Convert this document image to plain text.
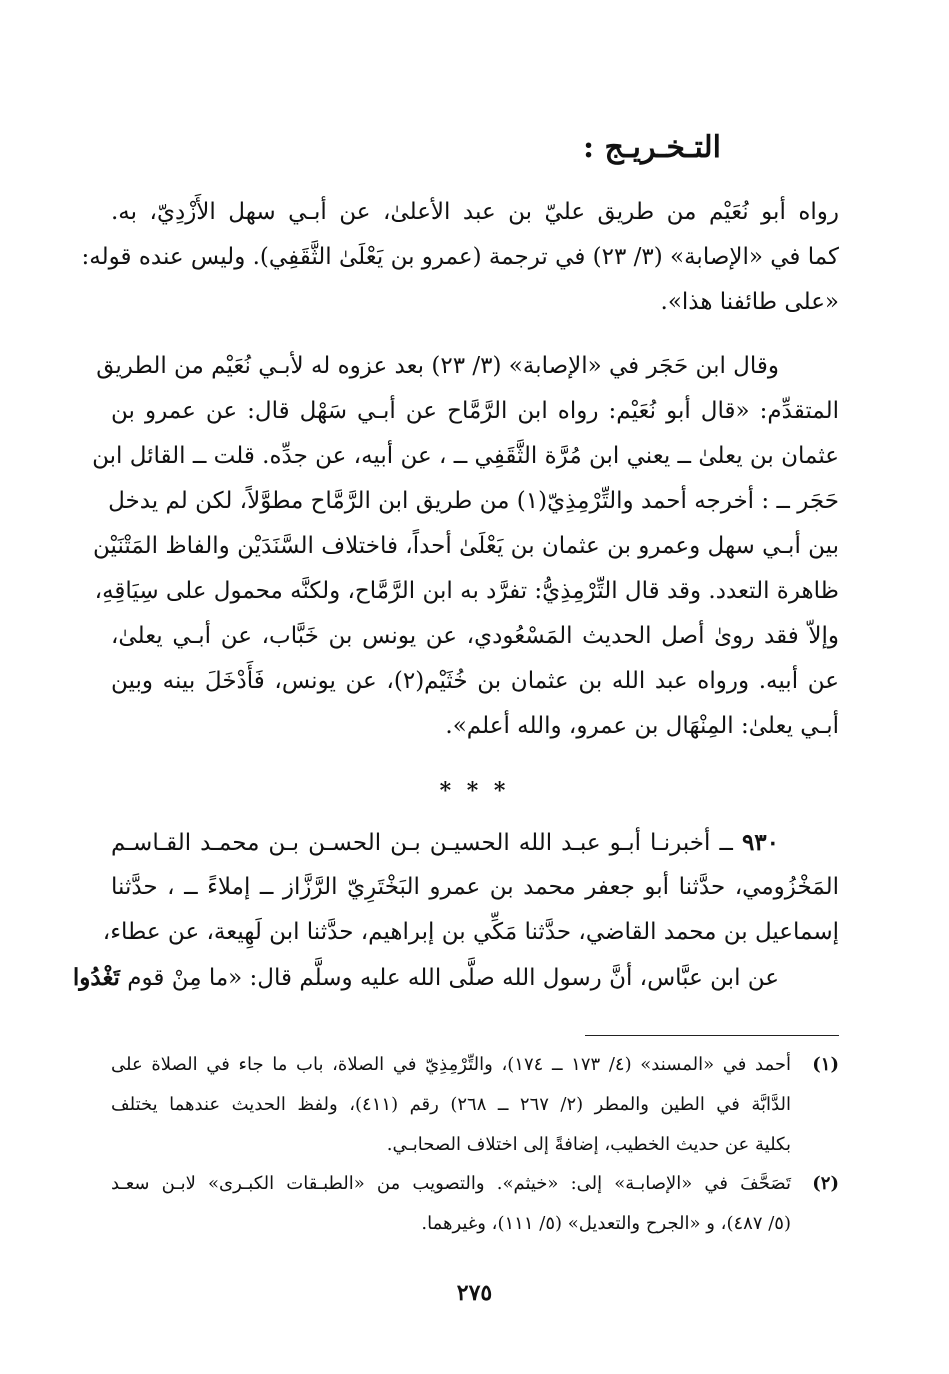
التـخـريـج :
رواه أبو نُعَيْم من طريق عليّ بن عبد الأعلىٰ، عن أبـي سهل الأَزْدِيّ، به.
كما في «الإصابة» (٣/ ٢٣) في ترجمة (عمرو بن يَعْلَىٰ الثَّقَفِي). وليس عنده قوله:
«على طائفنا هذا».
وقال ابن حَجَر في «الإصابة» (٣/ ٢٣) بعد عزوه له لأبـي نُعَيْم من الطريق
المتقدِّم: «قال أبو نُعَيْم: رواه ابن الرَّمَّاح عن أبـي سَهْل قال: عن عمرو بن
عثمان بن يعلىٰ ــ يعني ابن مُرَّة الثَّقَفِي ــ ، عن أبيه، عن جدِّه. قلت ــ القائل ابن
حَجَر ــ : أخرجه أحمد والتِّرْمِذِيّ(١) من طريق ابن الرَّمَّاح مطوَّلاً، لكن لم يدخل
بين أبـي سهل وعمرو بن عثمان بن يَعْلَىٰ أحداً، فاختلاف السَّنَدَيْن والفاظ المَتْنَيْن
ظاهرة التعدد. وقد قال التِّرْمِذِيُّ: تفرَّد به ابن الرَّمَّاح، ولكنَّه محمول على سِيَاقِهِ،
وإلاّ فقد روىٰ أصل الحديث المَسْعُودي، عن يونس بن خَبَّاب، عن أبـي يعلىٰ،
عن أبيه. ورواه عبد الله بن عثمان بن خُثَيْم(٢)، عن يونس، فَأَدْخَلَ بينه وبين
أبـي يعلىٰ: المِنْهَال بن عمرو، والله أعلم».
* * *
٩٣٠ ــ أخبرنـا أبـو عبـد الله الحسيـن بـن الحسـن بـن محمـد القـاسـم
المَخْزُومي، حدَّثنا أبو جعفر محمد بن عمرو البَخْتَرِيّ الرَّزَّاز ــ إملاءً ــ ، حدَّثنا
إسماعيل بن محمد القاضي، حدَّثنا مَكِّي بن إبراهيم، حدَّثنا ابن لَهِيعة، عن عطاء،
عن ابن عبَّاس، أنَّ رسول الله صلَّى الله عليه وسلَّم قال: «ما مِنْ قوم تَغْدُوا
(١)
أحمد في «المسند» (٤/ ١٧٣ ــ ١٧٤)، والتِّرْمِذِيّ في الصلاة، باب ما جاء في الصلاة على
الدَّابَّة في الطين والمطر (٢/ ٢٦٧ ــ ٢٦٨) رقم (٤١١)، ولفظ الحديث عندهما يختلف
بكلية عن حديث الخطيب، إضافةً إلى اختلاف الصحابـي.
(٢)
تَصَحَّفَ في «الإصابـة» إلى: «خيثم». والتصويب من «الطبـقات الكبـرى» لابـن سعـد
(٥/ ٤٨٧)، و «الجرح والتعديل» (٥/ ١١١)، وغيرهما.
٢٧٥
